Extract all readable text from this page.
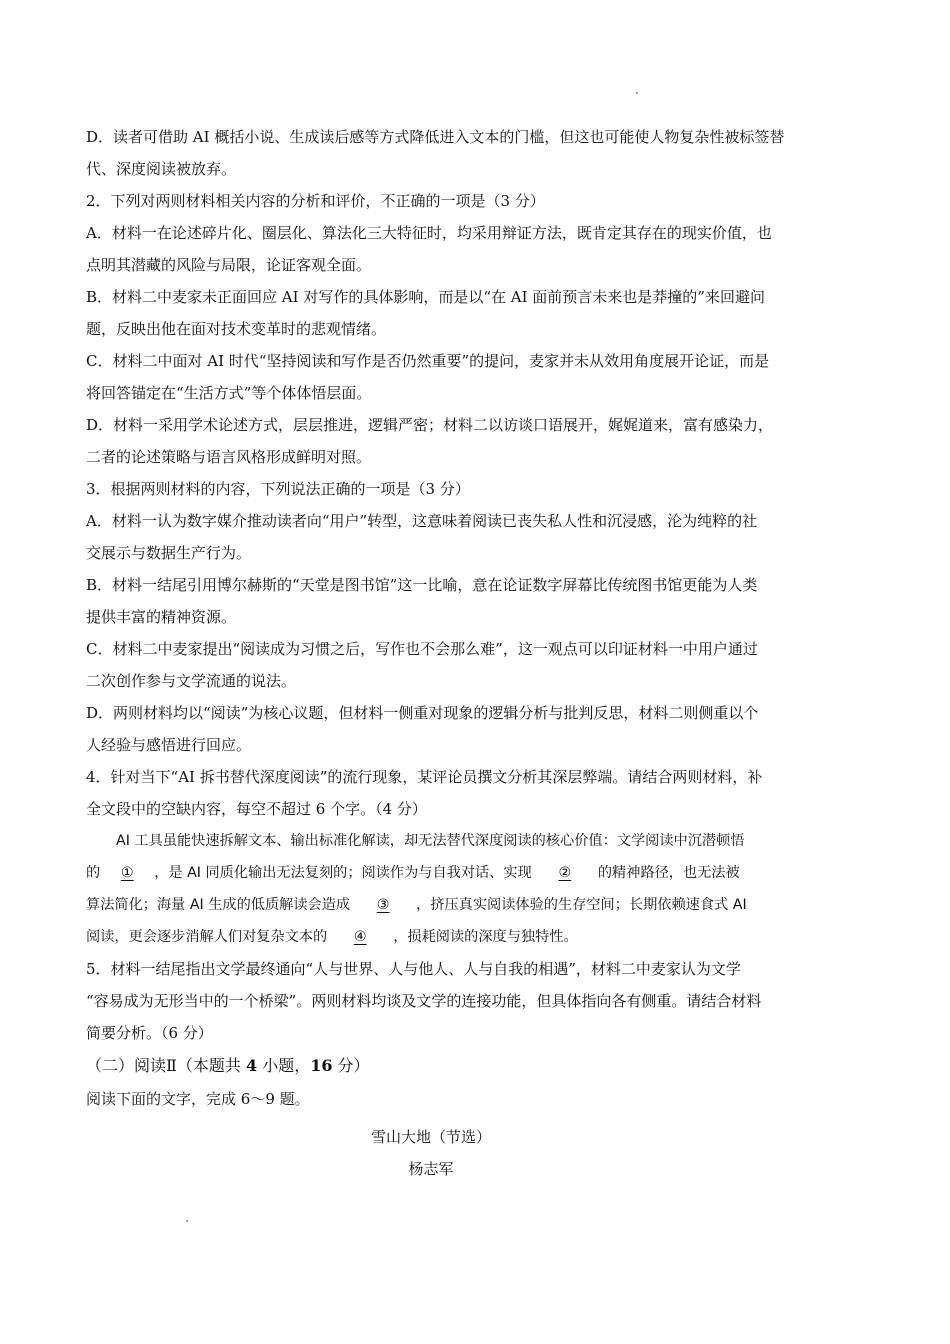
D．读者可借助 AI 概括小说、生成读后感等方式降低进入文本的门槛，但这也可能使人物复杂性被标签替
代、深度阅读被放弃。
2．下列对两则材料相关内容的分析和评价，不正确的一项是（3 分）
A．材料一在论述碎片化、圈层化、算法化三大特征时，均采用辩证方法，既肯定其存在的现实价值，也
点明其潜藏的风险与局限，论证客观全面。
B．材料二中麦家未正面回应 AI 对写作的具体影响，而是以“在 AI 面前预言未来也是莽撞的”来回避问
题，反映出他在面对技术变革时的悲观情绪。
C．材料二中面对 AI 时代“坚持阅读和写作是否仍然重要”的提问，麦家并未从效用角度展开论证，而是
将回答锚定在“生活方式”等个体体悟层面。
D．材料一采用学术论述方式，层层推进，逻辑严密；材料二以访谈口语展开，娓娓道来，富有感染力，
二者的论述策略与语言风格形成鲜明对照。
3．根据两则材料的内容，下列说法正确的一项是（3 分）
A．材料一认为数字媒介推动读者向“用户”转型，这意味着阅读已丧失私人性和沉浸感，沦为纯粹的社
交展示与数据生产行为。
B．材料一结尾引用博尔赫斯的“天堂是图书馆”这一比喻，意在论证数字屏幕比传统图书馆更能为人类
提供丰富的精神资源。
C．材料二中麦家提出“阅读成为习惯之后，写作也不会那么难”，这一观点可以印证材料一中用户通过
二次创作参与文学流通的说法。
D．两则材料均以“阅读”为核心议题，但材料一侧重对现象的逻辑分析与批判反思，材料二则侧重以个
人经验与感悟进行回应。
4．针对当下“AI 拆书替代深度阅读”的流行现象，某评论员撰文分析其深层弊端。请结合两则材料，补
全文段中的空缺内容，每空不超过 6 个字。（4 分）
AI 工具虽能快速拆解文本、输出标准化解读，却无法替代深度阅读的核心价值：文学阅读中沉潜顿悟
的 ① ，是 AI 同质化输出无法复刻的；阅读作为与自我对话、实现 ② 的精神路径，也无法被
算法简化；海量 AI 生成的低质解读会造成 ③ ，挤压真实阅读体验的生存空间；长期依赖速食式 AI
阅读，更会逐步消解人们对复杂文本的 ④ ，损耗阅读的深度与独特性。
5．材料一结尾指出文学最终通向“人与世界、人与他人、人与自我的相遇”，材料二中麦家认为文学
“容易成为无形当中的一个桥梁”。两则材料均谈及文学的连接功能，但具体指向各有侧重。请结合材料
简要分析。（6 分）
（二）阅读Ⅱ（本题共 4 小题，16 分）
阅读下面的文字，完成 6～9 题。
雪山大地（节选）
杨志军
